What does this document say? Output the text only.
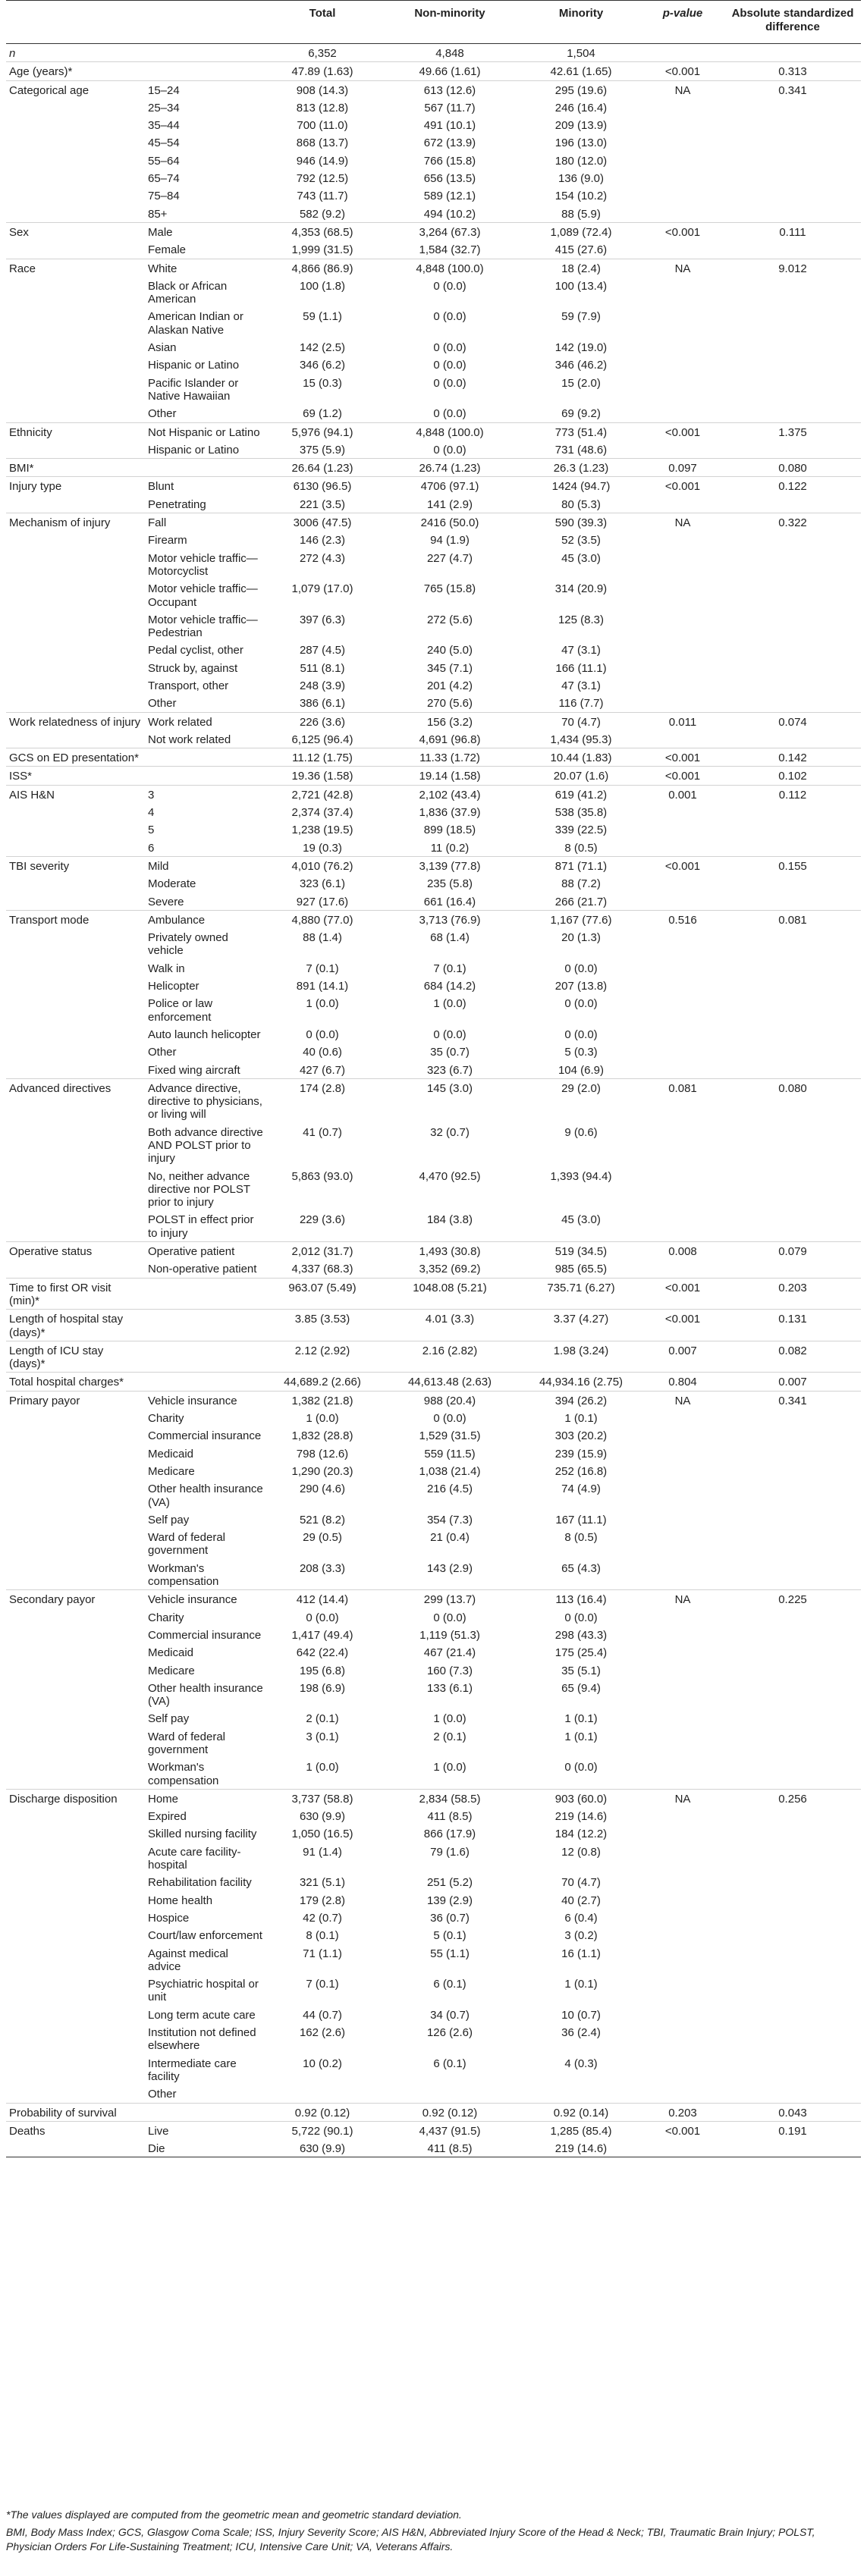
		Total	Non-minority	Minority	p-value	Absolute standardized difference
n		6,352	4,848	1,504		
Age (years)*		47.89 (1.63)	49.66 (1.61)	42.61 (1.65)	<0.001	0.313
Categorical age	15–24	908 (14.3)	613 (12.6)	295 (19.6)	NA	0.341
	25–34	813 (12.8)	567 (11.7)	246 (16.4)		
	35–44	700 (11.0)	491 (10.1)	209 (13.9)		
	45–54	868 (13.7)	672 (13.9)	196 (13.0)		
	55–64	946 (14.9)	766 (15.8)	180 (12.0)		
	65–74	792 (12.5)	656 (13.5)	136 (9.0)		
	75–84	743 (11.7)	589 (12.1)	154 (10.2)		
	85+	582 (9.2)	494 (10.2)	88 (5.9)		
Sex	Male	4,353 (68.5)	3,264 (67.3)	1,089 (72.4)	<0.001	0.111
	Female	1,999 (31.5)	1,584 (32.7)	415 (27.6)		
Race	White	4,866 (86.9)	4,848 (100.0)	18 (2.4)	NA	9.012
	Black or African American	100 (1.8)	0 (0.0)	100 (13.4)		
	American Indian or Alaskan Native	59 (1.1)	0 (0.0)	59 (7.9)		
	Asian	142 (2.5)	0 (0.0)	142 (19.0)		
	Hispanic or Latino	346 (6.2)	0 (0.0)	346 (46.2)		
	Pacific Islander or Native Hawaiian	15 (0.3)	0 (0.0)	15 (2.0)		
	Other	69 (1.2)	0 (0.0)	69 (9.2)		
Ethnicity	Not Hispanic or Latino	5,976 (94.1)	4,848 (100.0)	773 (51.4)	<0.001	1.375
	Hispanic or Latino	375 (5.9)	0 (0.0)	731 (48.6)		
BMI*		26.64 (1.23)	26.74 (1.23)	26.3 (1.23)	0.097	0.080
Injury type	Blunt	6130 (96.5)	4706 (97.1)	1424 (94.7)	<0.001	0.122
	Penetrating	221 (3.5)	141 (2.9)	80 (5.3)		
Mechanism of injury	Fall	3006 (47.5)	2416 (50.0)	590 (39.3)	NA	0.322
	Firearm	146 (2.3)	94 (1.9)	52 (3.5)		
	Motor vehicle traffic—Motorcyclist	272 (4.3)	227 (4.7)	45 (3.0)		
	Motor vehicle traffic—Occupant	1,079 (17.0)	765 (15.8)	314 (20.9)		
	Motor vehicle traffic—Pedestrian	397 (6.3)	272 (5.6)	125 (8.3)		
	Pedal cyclist, other	287 (4.5)	240 (5.0)	47 (3.1)		
	Struck by, against	511 (8.1)	345 (7.1)	166 (11.1)		
	Transport, other	248 (3.9)	201 (4.2)	47 (3.1)		
	Other	386 (6.1)	270 (5.6)	116 (7.7)		
Work relatedness of injury	Work related	226 (3.6)	156 (3.2)	70 (4.7)	0.011	0.074
	Not work related	6,125 (96.4)	4,691 (96.8)	1,434 (95.3)		
GCS on ED presentation*		11.12 (1.75)	11.33 (1.72)	10.44 (1.83)	<0.001	0.142
ISS*		19.36 (1.58)	19.14 (1.58)	20.07 (1.6)	<0.001	0.102
AIS H&N	3	2,721 (42.8)	2,102 (43.4)	619 (41.2)	0.001	0.112
	4	2,374 (37.4)	1,836 (37.9)	538 (35.8)		
	5	1,238 (19.5)	899 (18.5)	339 (22.5)		
	6	19 (0.3)	11 (0.2)	8 (0.5)		
TBI severity	Mild	4,010 (76.2)	3,139 (77.8)	871 (71.1)	<0.001	0.155
	Moderate	323 (6.1)	235 (5.8)	88 (7.2)		
	Severe	927 (17.6)	661 (16.4)	266 (21.7)		
Transport mode	Ambulance	4,880 (77.0)	3,713 (76.9)	1,167 (77.6)	0.516	0.081
	Privately owned vehicle	88 (1.4)	68 (1.4)	20 (1.3)		
	Walk in	7 (0.1)	7 (0.1)	0 (0.0)		
	Helicopter	891 (14.1)	684 (14.2)	207 (13.8)		
	Police or law enforcement	1 (0.0)	1 (0.0)	0 (0.0)		
	Auto launch helicopter	0 (0.0)	0 (0.0)	0 (0.0)		
	Other	40 (0.6)	35 (0.7)	5 (0.3)		
	Fixed wing aircraft	427 (6.7)	323 (6.7)	104 (6.9)		
Advanced directives	Advance directive, directive to physicians, or living will	174 (2.8)	145 (3.0)	29 (2.0)	0.081	0.080
	Both advance directive AND POLST prior to injury	41 (0.7)	32 (0.7)	9 (0.6)		
	No, neither advance directive nor POLST prior to injury	5,863 (93.0)	4,470 (92.5)	1,393 (94.4)		
	POLST in effect prior to injury	229 (3.6)	184 (3.8)	45 (3.0)		
Operative status	Operative patient	2,012 (31.7)	1,493 (30.8)	519 (34.5)	0.008	0.079
	Non-operative patient	4,337 (68.3)	3,352 (69.2)	985 (65.5)		
Time to first OR visit (min)*		963.07 (5.49)	1048.08 (5.21)	735.71 (6.27)	<0.001	0.203
Length of hospital stay (days)*		3.85 (3.53)	4.01 (3.3)	3.37 (4.27)	<0.001	0.131
Length of ICU stay (days)*		2.12 (2.92)	2.16 (2.82)	1.98 (3.24)	0.007	0.082
Total hospital charges*		44,689.2 (2.66)	44,613.48 (2.63)	44,934.16 (2.75)	0.804	0.007
Primary payor	Vehicle insurance	1,382 (21.8)	988 (20.4)	394 (26.2)	NA	0.341
	Charity	1 (0.0)	0 (0.0)	1 (0.1)		
	Commercial insurance	1,832 (28.8)	1,529 (31.5)	303 (20.2)		
	Medicaid	798 (12.6)	559 (11.5)	239 (15.9)		
	Medicare	1,290 (20.3)	1,038 (21.4)	252 (16.8)		
	Other health insurance (VA)	290 (4.6)	216 (4.5)	74 (4.9)		
	Self pay	521 (8.2)	354 (7.3)	167 (11.1)		
	Ward of federal government	29 (0.5)	21 (0.4)	8 (0.5)		
	Workman's compensation	208 (3.3)	143 (2.9)	65 (4.3)		
Secondary payor	Vehicle insurance	412 (14.4)	299 (13.7)	113 (16.4)	NA	0.225
	Charity	0 (0.0)	0 (0.0)	0 (0.0)		
	Commercial insurance	1,417 (49.4)	1,119 (51.3)	298 (43.3)		
	Medicaid	642 (22.4)	467 (21.4)	175 (25.4)		
	Medicare	195 (6.8)	160 (7.3)	35 (5.1)		
	Other health insurance (VA)	198 (6.9)	133 (6.1)	65 (9.4)		
	Self pay	2 (0.1)	1 (0.0)	1 (0.1)		
	Ward of federal government	3 (0.1)	2 (0.1)	1 (0.1)		
	Workman's compensation	1 (0.0)	1 (0.0)	0 (0.0)		
Discharge disposition	Home	3,737 (58.8)	2,834 (58.5)	903 (60.0)	NA	0.256
	Expired	630 (9.9)	411 (8.5)	219 (14.6)		
	Skilled nursing facility	1,050 (16.5)	866 (17.9)	184 (12.2)		
	Acute care facility-hospital	91 (1.4)	79 (1.6)	12 (0.8)		
	Rehabilitation facility	321 (5.1)	251 (5.2)	70 (4.7)		
	Home health	179 (2.8)	139 (2.9)	40 (2.7)		
	Hospice	42 (0.7)	36 (0.7)	6 (0.4)		
	Court/law enforcement	8 (0.1)	5 (0.1)	3 (0.2)		
	Against medical advice	71 (1.1)	55 (1.1)	16 (1.1)		
	Psychiatric hospital or unit	7 (0.1)	6 (0.1)	1 (0.1)		
	Long term acute care	44 (0.7)	34 (0.7)	10 (0.7)		
	Institution not defined elsewhere	162 (2.6)	126 (2.6)	36 (2.4)		
	Intermediate care facility	10 (0.2)	6 (0.1)	4 (0.3)		
	Other					
Probability of survival		0.92 (0.12)	0.92 (0.12)	0.92 (0.14)	0.203	0.043
Deaths	Live	5,722 (90.1)	4,437 (91.5)	1,285 (85.4)	<0.001	0.191
	Die	630 (9.9)	411 (8.5)	219 (14.6)		

*The values displayed are computed from the geometric mean and geometric standard deviation.

BMI, Body Mass Index; GCS, Glasgow Coma Scale; ISS, Injury Severity Score; AIS H&N, Abbreviated Injury Score of the Head & Neck; TBI, Traumatic Brain Injury; POLST, Physician Orders For Life-Sustaining Treatment; ICU, Intensive Care Unit; VA, Veterans Affairs.
